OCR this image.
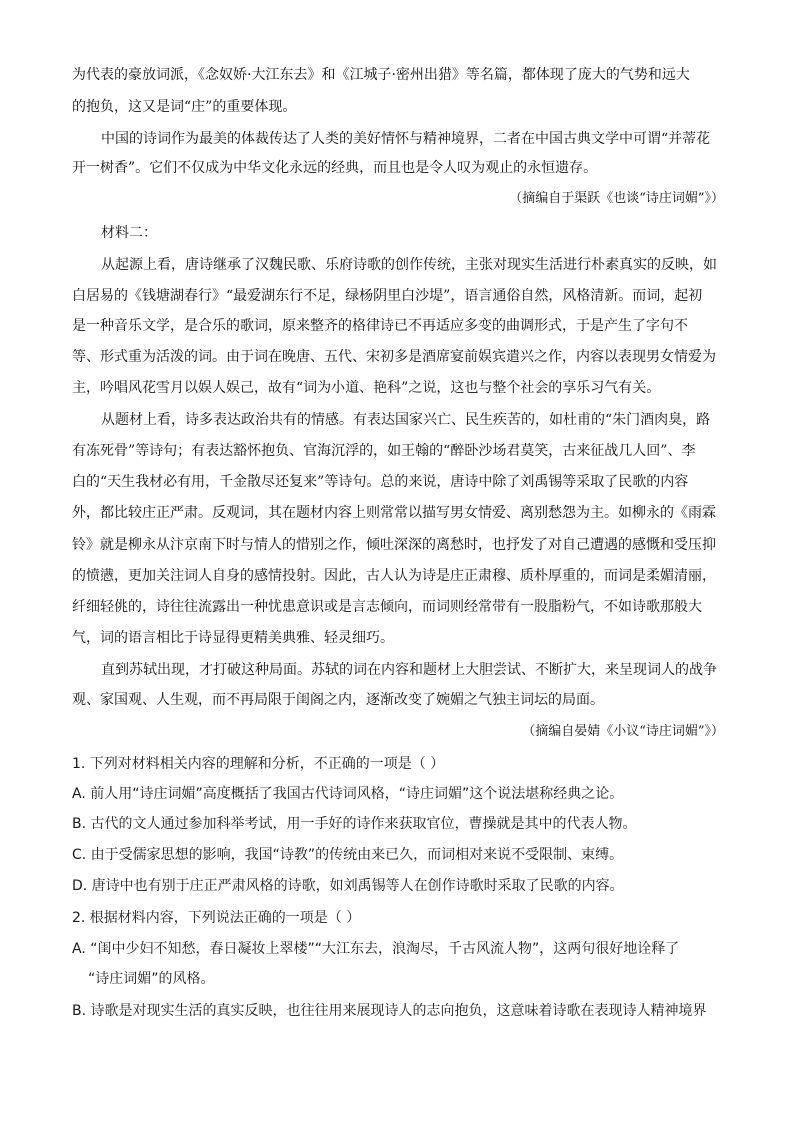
为代表的豪放词派，《念奴娇·大江东去》和《江城子·密州出猎》等名篇，都体现了庞大的气势和远大
的抱负，这又是词“庄”的重要体现。
中国的诗词作为最美的体裁传达了人类的美好情怀与精神境界，二者在中国古典文学中可谓“并蒂花
开一树香”。它们不仅成为中华文化永远的经典，而且也是令人叹为观止的永恒遗存。
（摘编自于渠跃《也谈“诗庄词媚”》）
材料二：
从起源上看，唐诗继承了汉魏民歌、乐府诗歌的创作传统，主张对现实生活进行朴素真实的反映，如
白居易的《钱塘湖春行》“最爱湖东行不足，绿杨阴里白沙堤”，语言通俗自然，风格清新。而词，起初
是一种音乐文学，是合乐的歌词，原来整齐的格律诗已不再适应多变的曲调形式，于是产生了字句不
等、形式重为活泼的词。由于词在晚唐、五代、宋初多是酒席宴前娱宾遣兴之作，内容以表现男女情爱为
主，吟唱风花雪月以娱人娱己，故有“词为小道、艳科”之说，这也与整个社会的享乐习气有关。
从题材上看，诗多表达政治共有的情感。有表达国家兴亡、民生疾苦的，如杜甫的“朱门酒肉臭，路
有冻死骨”等诗句；有表达豁怀抱负、官海沉浮的，如王翰的“醉卧沙场君莫笑，古来征战几人回”、李
白的“天生我材必有用，千金散尽还复来”等诗句。总的来说，唐诗中除了刘禹锡等采取了民歌的内容
外，都比较庄正严肃。反观词，其在题材内容上则常常以描写男女情爱、离别愁怨为主。如柳永的《雨霖
铃》就是柳永从汴京南下时与情人的惜别之作，倾吐深深的离愁时，也抒发了对自己遭遇的感慨和受压抑
的愤懑，更加关注词人自身的感情投射。因此，古人认为诗是庄正肃穆、质朴厚重的，而词是柔媚清丽，
纤细轻佻的，诗往往流露出一种忧患意识或是言志倾向，而词则经常带有一股脂粉气，不如诗歌那般大
气，词的语言相比于诗显得更精美典雅、轻灵细巧。
直到苏轼出现，才打破这种局面。苏轼的词在内容和题材上大胆尝试、不断扩大，来呈现词人的战争
观、家国观、人生观，而不再局限于闺阁之内，逐渐改变了婉媚之气独主词坛的局面。
（摘编自晏婧《小议“诗庄词媚”》）
1. 下列对材料相关内容的理解和分析，不正确的一项是（ ）
A. 前人用“诗庄词媚”高度概括了我国古代诗词风格，“诗庄词媚”这个说法堪称经典之论。
B. 古代的文人通过参加科举考试，用一手好的诗作来获取官位，曹操就是其中的代表人物。
C. 由于受儒家思想的影响，我国“诗教”的传统由来已久，而词相对来说不受限制、束缚。
D. 唐诗中也有别于庄正严肃风格的诗歌，如刘禹锡等人在创作诗歌时采取了民歌的内容。
2. 根据材料内容，下列说法正确的一项是（ ）
A. “闺中少妇不知愁，春日凝妆上翠楼”“大江东去，浪淘尽，千古风流人物”，这两句很好地诠释了
“诗庄词媚”的风格。
B. 诗歌是对现实生活的真实反映，也往往用来展现诗人的志向抱负，这意味着诗歌在表现诗人精神境界
